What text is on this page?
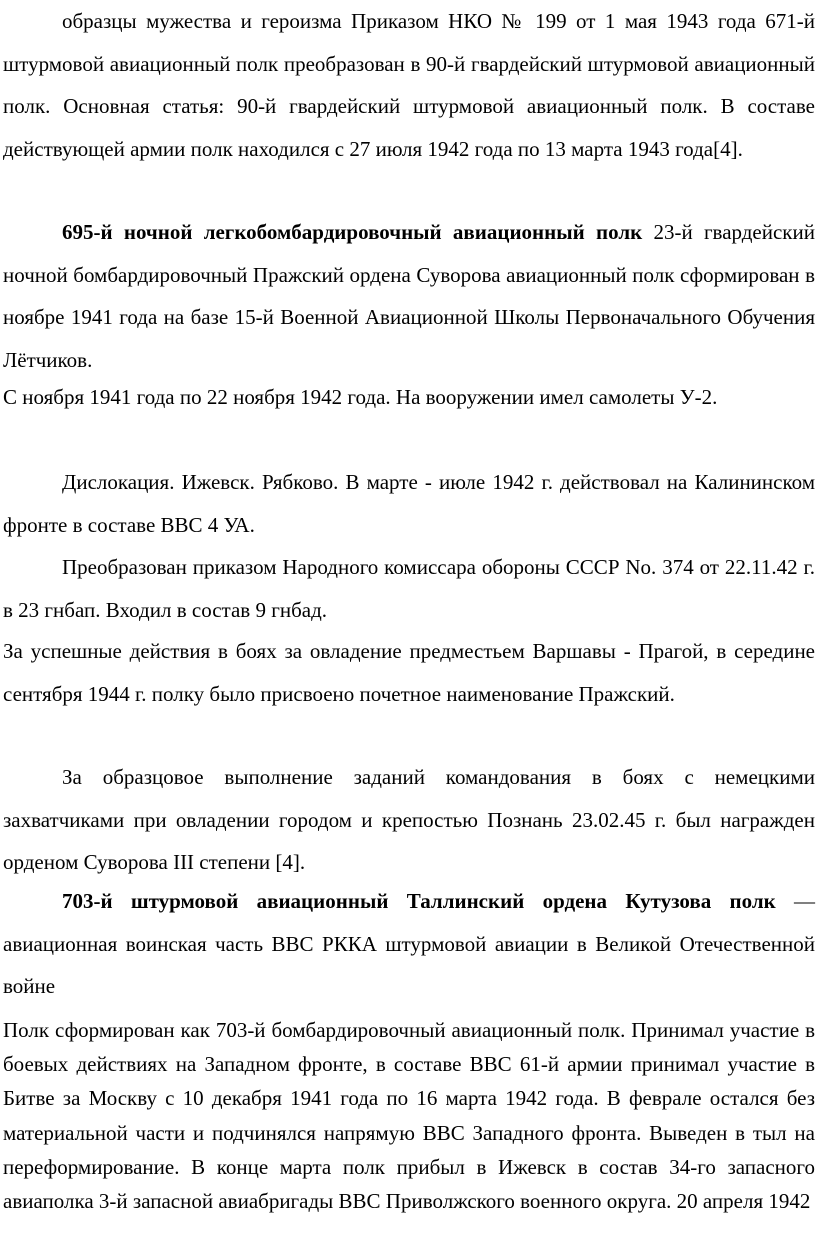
образцы мужества и героизма Приказом НКО № 199 от 1 мая 1943 года 671-й штурмовой авиационный полк преобразован в 90-й гвардейский штурмовой авиационный полк. Основная статья: 90-й гвардейский штурмовой авиационный полк. В составе действующей армии полк находился с 27 июля 1942 года по 13 марта 1943 года[4].

695-й ночной легкобомбардировочный авиационный полк 23-й гвардейский ночной бомбардировочный Пражский ордена Суворова авиационный полк сформирован в ноябре 1941 года на базе 15-й Военной Авиационной Школы Первоначального Обучения Лётчиков.

С ноября 1941 года по 22 ноября 1942 года. На вооружении имел самолеты У-2.

Дислокация. Ижевск. Рябково. В марте - июле 1942 г. действовал на Калининском фронте в составе ВВС 4 УА.

Преобразован приказом Народного комиссара обороны СССР No. 374 от 22.11.42 г. в 23 гнбап. Входил в состав 9 гнбад.

За успешные действия в боях за овладение предместьем Варшавы - Прагой, в середине сентября 1944 г. полку было присвоено почетное наименование Пражский.

За образцовое выполнение заданий командования в боях с немецкими захватчиками при овладении городом и крепостью Познань 23.02.45 г. был награжден орденом Суворова III степени [4].

703-й штурмовой авиационный Таллинский ордена Кутузова полк — авиационная воинская часть ВВС РККА штурмовой авиации в Великой Отечественной войне

Полк сформирован как 703-й бомбардировочный авиационный полк. Принимал участие в боевых действиях на Западном фронте, в составе ВВС 61-й армии принимал участие в Битве за Москву с 10 декабря 1941 года по 16 марта 1942 года. В феврале остался без материальной части и подчинялся напрямую ВВС Западного фронта. Выведен в тыл на переформирование. В конце марта полк прибыл в Ижевск в состав 34-го запасного авиаполка 3-й запасной авиабригады ВВС Приволжского военного округа. 20 апреля 1942
